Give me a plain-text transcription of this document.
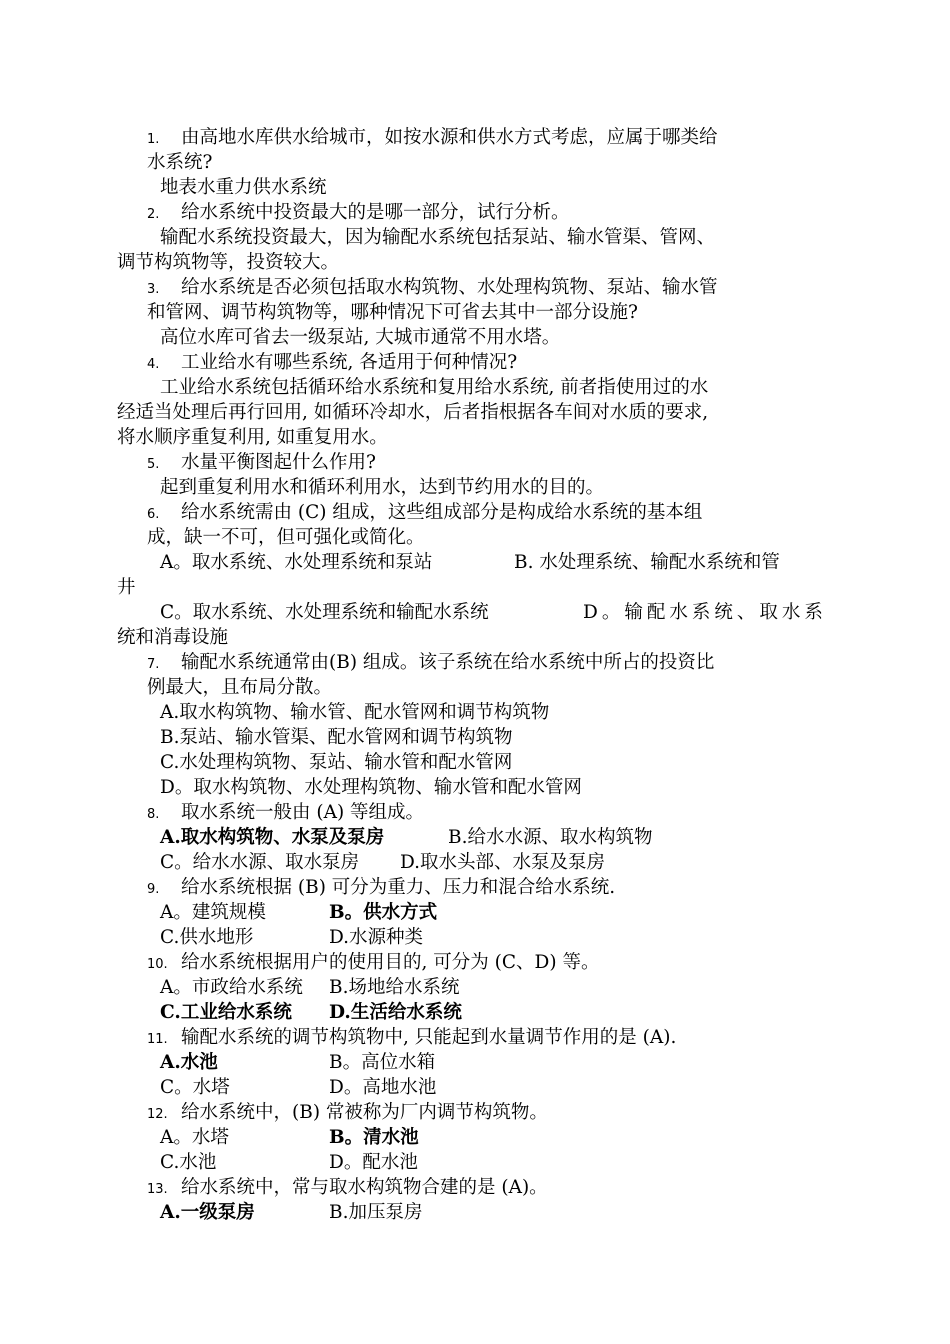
1. 由高地水库供水给城市，如按水源和供水方式考虑，应属于哪类给
水系统?
地表水重力供水系统
2. 给水系统中投资最大的是哪一部分，试行分析。
输配水系统投资最大，因为输配水系统包括泵站、输水管渠、管网、
调节构筑物等，投资较大。
3. 给水系统是否必须包括取水构筑物、水处理构筑物、泵站、输水管
和管网、调节构筑物等，哪种情况下可省去其中一部分设施?
高位水库可省去一级泵站, 大城市通常不用水塔。
4. 工业给水有哪些系统, 各适用于何种情况?
工业给水系统包括循环给水系统和复用给水系统, 前者指使用过的水
经适当处理后再行回用, 如循环冷却水，后者指根据各车间对水质的要求,
将水顺序重复利用, 如重复用水。
5. 水量平衡图起什么作用?
起到重复利用水和循环利用水，达到节约用水的目的。
6. 给水系统需由 (C) 组成，这些组成部分是构成给水系统的基本组
成，缺一不可，但可强化或简化。
A。取水系统、水处理系统和泵站	B. 水处理系统、输配水系统和管
井
C。取水系统、水处理系统和输配水系统	D。输配水系统、取水系
统和消毒设施
7. 输配水系统通常由(B) 组成。该子系统在给水系统中所占的投资比
例最大，且布局分散。
A.取水构筑物、输水管、配水管网和调节构筑物
B.泵站、输水管渠、配水管网和调节构筑物
C.水处理构筑物、泵站、输水管和配水管网
D。取水构筑物、水处理构筑物、输水管和配水管网
8. 取水系统一般由 (A) 等组成。
A.取水构筑物、水泵及泵房	B.给水水源、取水构筑物
C。给水水源、取水泵房 D.取水头部、水泵及泵房
9. 给水系统根据 (B) 可分为重力、压力和混合给水系统.
A。建筑规模	B。供水方式
C.供水地形	D.水源种类
10. 给水系统根据用户的使用目的, 可分为 (C、D) 等。
A。市政给水系统 B.场地给水系统
C.工业给水系统 D.生活给水系统
11. 输配水系统的调节构筑物中, 只能起到水量调节作用的是 (A).
A.水池	B。高位水箱
C。水塔	D。高地水池
12. 给水系统中，(B) 常被称为厂内调节构筑物。
A。水塔	B。清水池
C.水池	D。配水池
13. 给水系统中，常与取水构筑物合建的是 (A)。
A.一级泵房	B.加压泵房
